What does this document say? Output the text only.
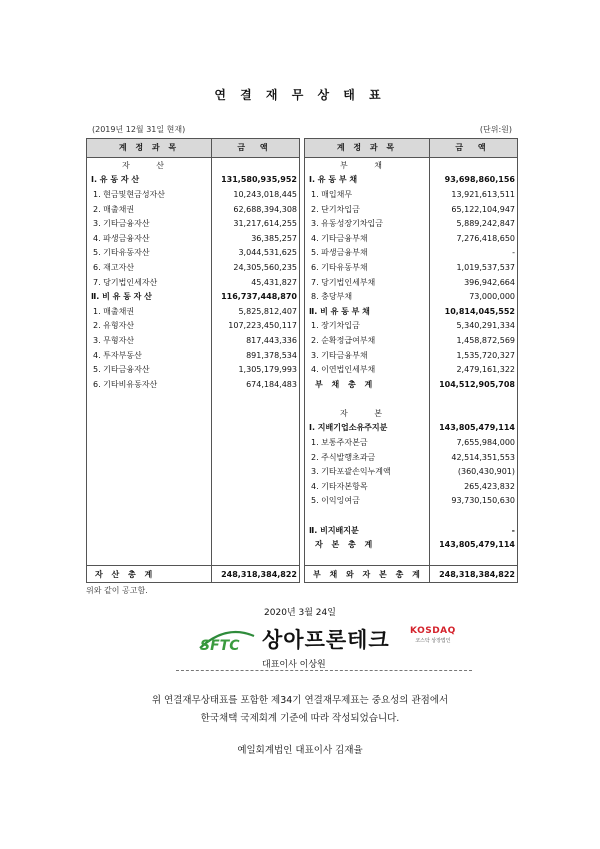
연 결 재 무 상 태 표
(2019년 12월 31일 현재)	(단위:원)
계 정 과 목	금 액
자 산
Ⅰ. 유 동 자 산	131,580,935,952
1. 현금및현금성자산	10,243,018,445
2. 매출채권	62,688,394,308
3. 기타금융자산	31,217,614,255
4. 파생금융자산	36,385,257
5. 기타유동자산	3,044,531,625
6. 재고자산	24,305,560,235
7. 당기법인세자산	45,431,827
Ⅱ. 비 유 동 자 산	116,737,448,870
1. 매출채권	5,825,812,407
2. 유형자산	107,223,450,117
3. 무형자산	817,443,336
4. 투자부동산	891,378,534
5. 기타금융자산	1,305,179,993
6. 기타비유동자산	674,184,483
자 산 총 계	248,318,384,822
계 정 과 목	금 액
부 채
Ⅰ. 유 동 부 채	93,698,860,156
1. 매입채무	13,921,613,511
2. 단기차입금	65,122,104,947
3. 유동성장기차입금	5,889,242,847
4. 기타금융부채	7,276,418,650
5. 파생금융부채	-
6. 기타유동부채	1,019,537,537
7. 당기법인세부채	396,942,664
8. 충당부채	73,000,000
Ⅱ. 비 유 동 부 채	10,814,045,552
1. 장기차입금	5,340,291,334
2. 순확정급여부채	1,458,872,569
3. 기타금융부채	1,535,720,327
4. 이연법인세부채	2,479,161,322
부 채 총 계	104,512,905,708
자 본
Ⅰ. 지배기업소유주지분	143,805,479,114
1. 보통주자본금	7,655,984,000
2. 주식발행초과금	42,514,351,553
3. 기타포괄손익누계액	(360,430,901)
4. 기타자본항목	265,423,832
5. 이익잉여금	93,730,150,630
Ⅱ. 비지배지분	-
자 본 총 계	143,805,479,114
부 채 와 자 본 총 계	248,318,384,822
위와 같이 공고함.
2020년 3월 24일
SFTC 상아프론테크 KOSDAQ
코스닥 상장법인
대표이사 이상원
위 연결재무상태표를 포함한 제34기 연결재무제표는 중요성의 관점에서
한국채택 국제회계 기준에 따라 작성되었습니다.
예일회계법인 대표이사 김재율
